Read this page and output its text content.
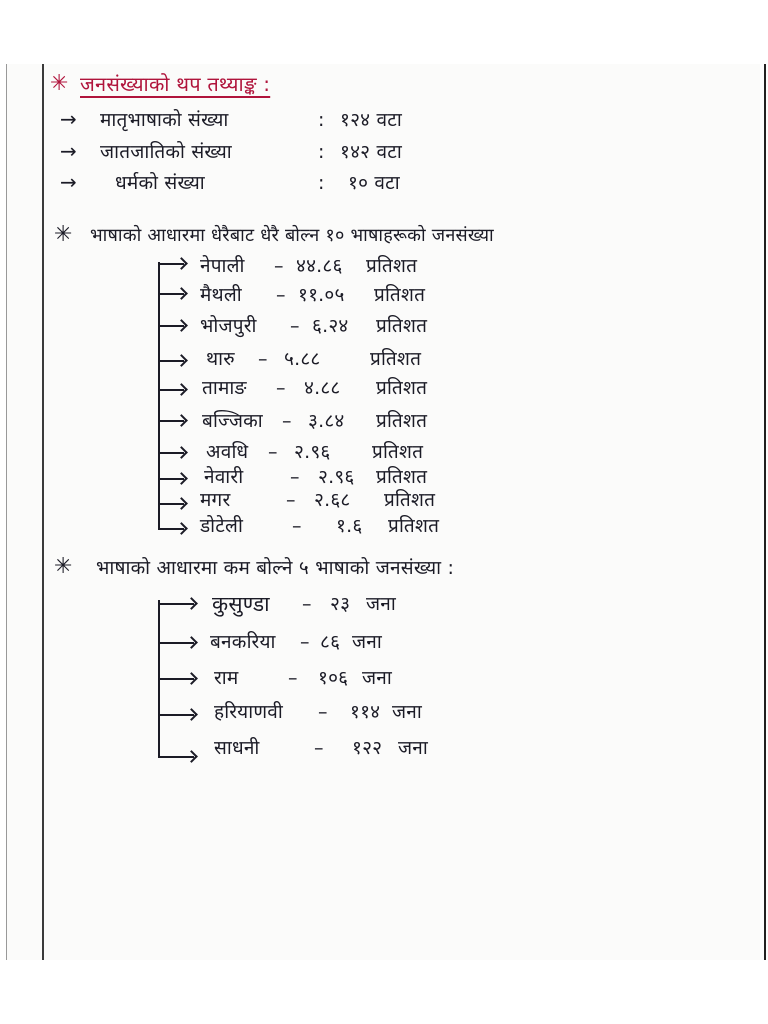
✳ जनसंख्याको थप तथ्याङ्क :
→ मातृभाषाको संख्या	: १२४ वटा
→ जातजातिको संख्या	: १४२ वटा
→ धर्मको संख्या	: १० वटा
✳ भाषाको आधारमा धेरैबाट धेरै बोल्न १० भाषाहरूको जनसंख्या
नेपाली – ४४.८६ प्रतिशत
मैथली – ११.०५ प्रतिशत
भोजपुरी – ६.२४ प्रतिशत
थारु – ५.८८	प्रतिशत
तामाङ – ४.८८ प्रतिशत
बज्जिका – ३.८४ प्रतिशत
अवधि – २.९६ प्रतिशत
नेवारी – २.९६ प्रतिशत
मगर	– २.६८ प्रतिशत
डोटेली	– १.६ प्रतिशत
✳ भाषाको आधारमा कम बोल्ने ५ भाषाको जनसंख्या :
कुसुण्डा – २३ जना
बनकरिया – ८६ जना
राम	– १०६ जना
हरियाणवी – ११४ जना
साधनी	– १२२ जना
